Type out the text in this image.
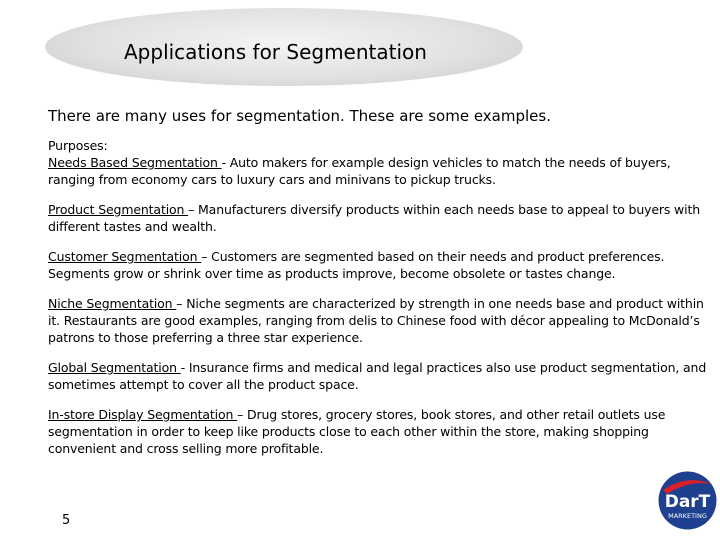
Applications for Segmentation
There are many uses for segmentation. These are some examples.

Purposes:

Needs Based Segmentation - Auto makers for example design vehicles to match the needs of buyers, ranging from economy cars to luxury cars and minivans to pickup trucks.

Product Segmentation – Manufacturers diversify products within each needs base to appeal to buyers with different tastes and wealth.

Customer Segmentation – Customers are segmented based on their needs and product preferences. Segments grow or shrink over time as products improve, become obsolete or tastes change.

Niche Segmentation – Niche segments are characterized by strength in one needs base and product within it. Restaurants are good examples, ranging from delis to Chinese food with décor appealing to McDonald’s patrons to those preferring a three star experience.

Global Segmentation - Insurance firms and medical and legal practices also use product segmentation, and sometimes attempt to cover all the product space.

In-store Display Segmentation – Drug stores, grocery stores, book stores, and other retail outlets use segmentation in order to keep like products close to each other within the store, making shopping convenient and cross selling more profitable.

5
DarT
MARKETING
